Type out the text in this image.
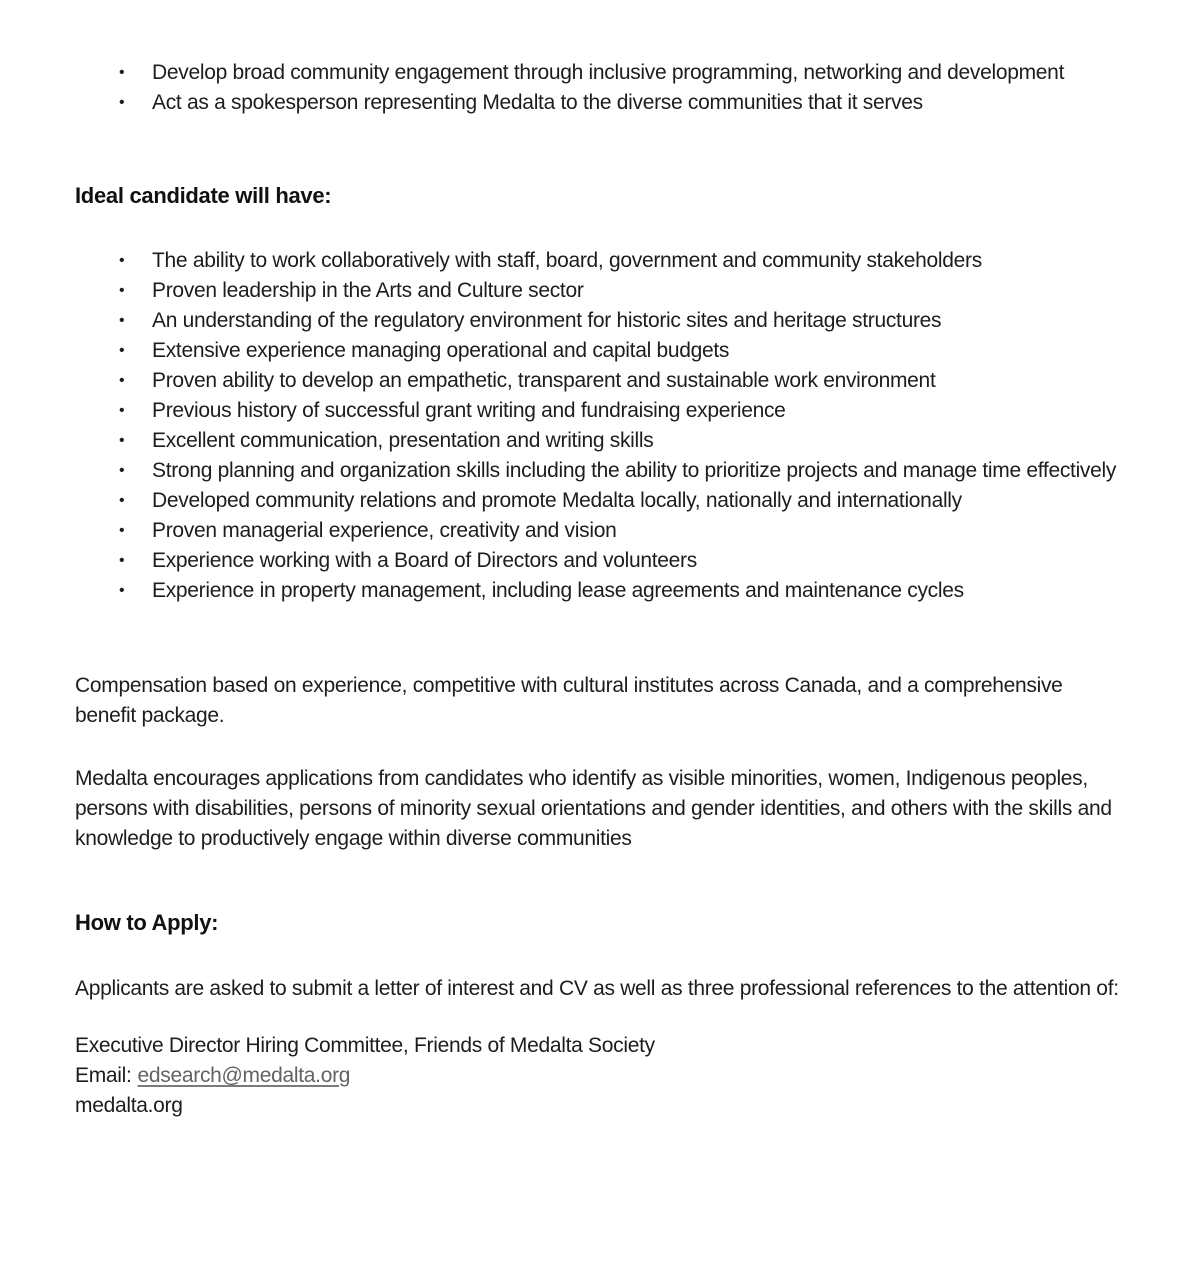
• Develop broad community engagement through inclusive programming, networking and development
• Act as a spokesperson representing Medalta to the diverse communities that it serves
Ideal candidate will have:
• The ability to work collaboratively with staff, board, government and community stakeholders
• Proven leadership in the Arts and Culture sector
• An understanding of the regulatory environment for historic sites and heritage structures
• Extensive experience managing operational and capital budgets
• Proven ability to develop an empathetic, transparent and sustainable work environment
• Previous history of successful grant writing and fundraising experience
• Excellent communication, presentation and writing skills
• Strong planning and organization skills including the ability to prioritize projects and manage time effectively
• Developed community relations and promote Medalta locally, nationally and internationally
• Proven managerial experience, creativity and vision
• Experience working with a Board of Directors and volunteers
• Experience in property management, including lease agreements and maintenance cycles

Compensation based on experience, competitive with cultural institutes across Canada, and a comprehensive benefit package.

Medalta encourages applications from candidates who identify as visible minorities, women, Indigenous peoples, persons with disabilities, persons of minority sexual orientations and gender identities, and others with the skills and knowledge to productively engage within diverse communities

How to Apply:

Applicants are asked to submit a letter of interest and CV as well as three professional references to the attention of:

Executive Director Hiring Committee, Friends of Medalta Society
Email: edsearch@medalta.org
medalta.org
